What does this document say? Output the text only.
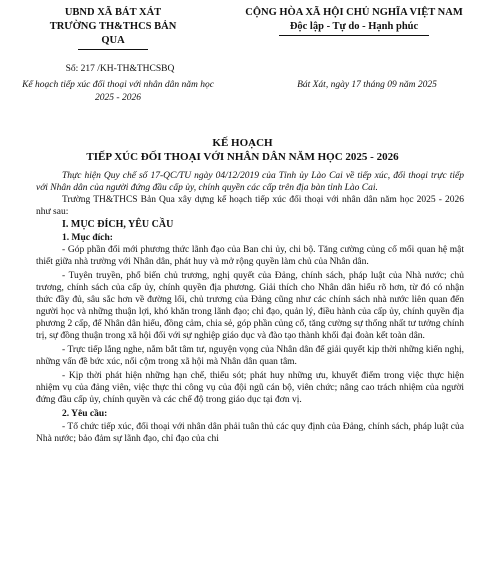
UBND XÃ BÁT XÁT
TRƯỜNG TH&THCS BẢN QUA
CỘNG HÒA XÃ HỘI CHỦ NGHĨA VIỆT NAM
Độc lập - Tự do - Hạnh phúc
Số: 217 /KH-TH&THCSBQ
Kế hoạch tiếp xúc đối thoại với nhân dân năm học 2025 - 2026
Bát Xát, ngày 17 tháng 09 năm 2025
KẾ HOẠCH
TIẾP XÚC ĐỐI THOẠI VỚI NHÂN DÂN NĂM HỌC 2025 - 2026

Thực hiện Quy chế số 17-QC/TU ngày 04/12/2019 của Tỉnh ủy Lào Cai về tiếp xúc, đối thoại trực tiếp với Nhân dân của người đứng đầu cấp ủy, chính quyền các cấp trên địa bàn tỉnh Lào Cai.

Trường TH&THCS Bản Qua xây dựng kế hoạch tiếp xúc đối thoại với nhân dân năm học 2025 - 2026 như sau:

I. MỤC ĐÍCH, YÊU CẦU

1. Mục đích:

- Góp phần đổi mới phương thức lãnh đạo của Ban chi ủy, chi bộ. Tăng cường củng cố mối quan hệ mật thiết giữa nhà trường với Nhân dân, phát huy và mở rộng quyền làm chủ của Nhân dân.

- Tuyên truyền, phổ biến chủ trương, nghị quyết của Đảng, chính sách, pháp luật của Nhà nước; chủ trương, chính sách của cấp ủy, chính quyền địa phương. Giải thích cho Nhân dân hiểu rõ hơn, từ đó có nhận thức đầy đủ, sâu sắc hơn về đường lối, chủ trương của Đảng cũng như các chính sách nhà nước liên quan đến người học và những thuận lợi, khó khăn trong lãnh đạo; chỉ đạo, quản lý, điều hành của cấp ủy, chính quyền địa phương 2 cấp, để Nhân dân hiểu, đồng cảm, chia sẻ, góp phần củng cố, tăng cường sự thống nhất tư tưởng chính trị, sự đồng thuận trong xã hội đối với sự nghiệp giáo dục và đào tạo thành khối đại đoàn kết toàn dân.

- Trực tiếp lắng nghe, nắm bắt tâm tư, nguyện vọng của Nhân dân để giải quyết kịp thời những kiến nghị, những vấn đề bức xúc, nổi cộm trong xã hội mà Nhân dân quan tâm.

- Kịp thời phát hiện những hạn chế, thiếu sót; phát huy những ưu, khuyết điểm trong việc thực hiện nhiệm vụ của đảng viên, việc thực thi công vụ của đội ngũ cán bộ, viên chức; nâng cao trách nhiệm của người đứng đầu cấp ủy, chính quyền và các chế độ trong giáo dục tại đơn vị.

2. Yêu cầu:

- Tổ chức tiếp xúc, đối thoại với nhân dân phải tuân thủ các quy định của Đảng, chính sách, pháp luật của Nhà nước; bảo đảm sự lãnh đạo, chỉ đạo của chi
